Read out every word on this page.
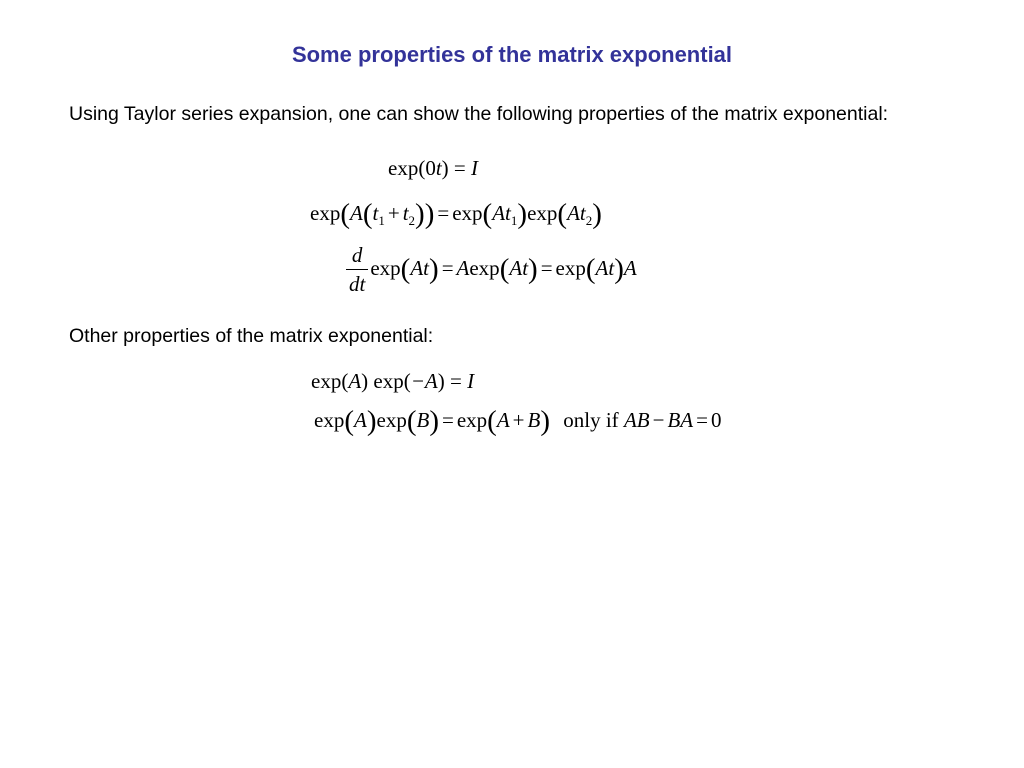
Some properties of the matrix exponential
Using Taylor series expansion, one can show the following properties of the matrix exponential:
exp(0t) = I
$\exp(A(t_1 + t_2)) = \exp(At_1)\exp(At_2)$
$\frac{d}{dt} \exp(At) = Aexp(At) = \exp(At)A$
Other properties of the matrix exponential:
exp(A) exp(−A) = I
exp(A)exp(B) = exp(A + B) only if AB − BA = 0
